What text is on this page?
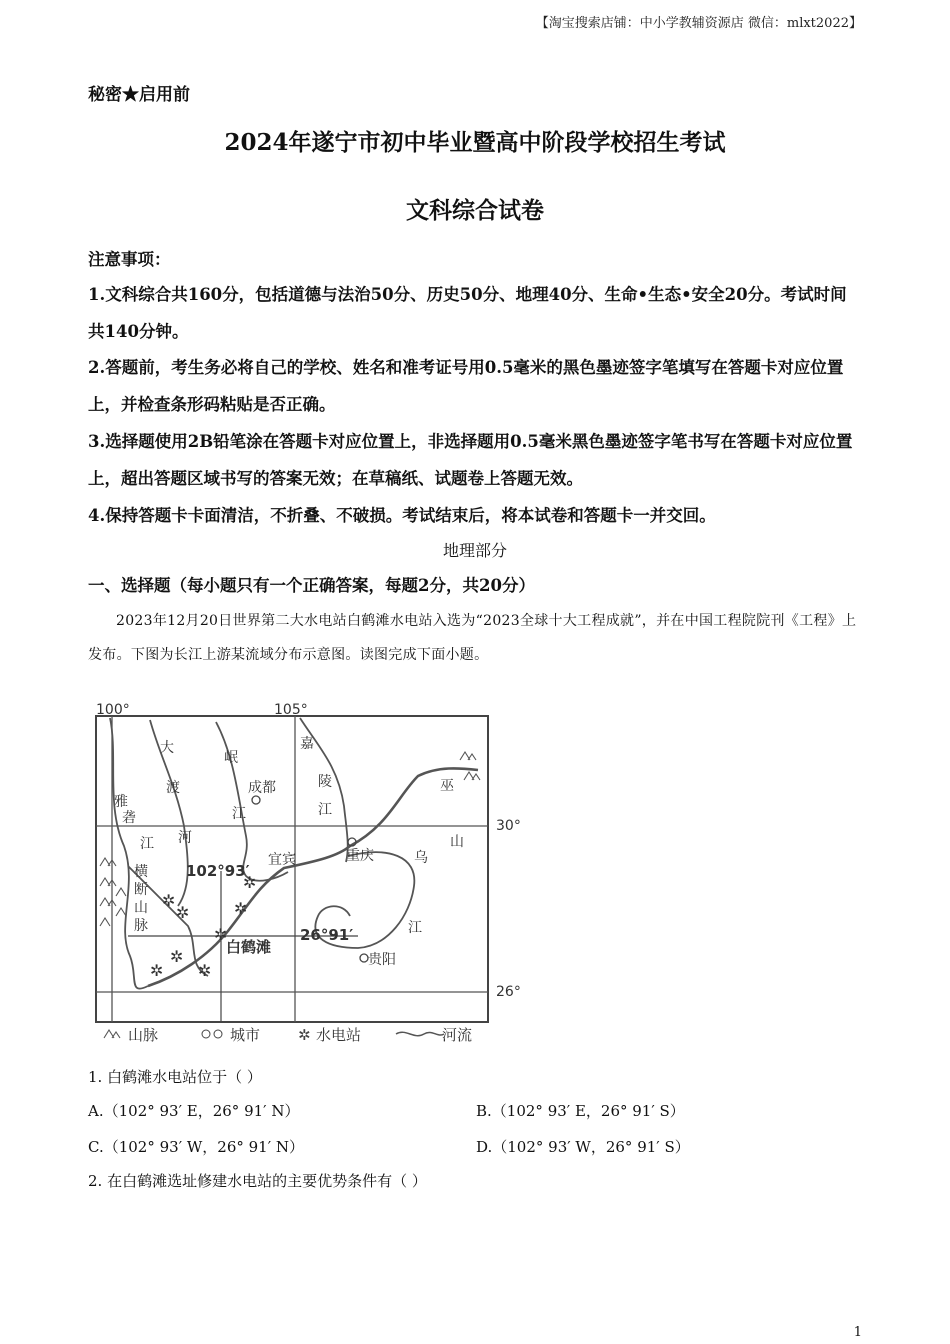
【淘宝搜索店铺：中小学教辅资源店 微信：mlxt2022】
秘密★启用前
2024年遂宁市初中毕业暨高中阶段学校招生考试
文科综合试卷
注意事项：
1.文科综合共160分，包括道德与法治50分、历史50分、地理40分、生命•生态•安全20分。考试时间共140分钟。
2.答题前，考生务必将自己的学校、姓名和准考证号用0.5毫米的黑色墨迹签字笔填写在答题卡对应位置上，并检查条形码粘贴是否正确。
3.选择题使用2B铅笔涂在答题卡对应位置上，非选择题用0.5毫米黑色墨迹签字笔书写在答题卡对应位置上，超出答题区域书写的答案无效；在草稿纸、试题卷上答题无效。
4.保持答题卡卡面清洁，不折叠、不破损。考试结束后，将本试卷和答题卡一并交回。
地理部分
一、选择题（每小题只有一个正确答案，每题2分，共20分）
2023年12月20日世界第二大水电站白鹤滩水电站入选为“2023全球十大工程成就”，并在中国工程院院刊《工程》上发布。下图为长江上游某流域分布示意图。读图完成下面小题。
100°	105°
30°
26°
雅
砻
江
大
渡
河
岷
江
嘉
陵
江
乌
江
巫
山
横
断
山
脉
成都
宜宾	重庆
贵阳
102°93′
26°91′
白鹤滩
✲
✲
✲
✲
✲
✲
✲ ✲
山脉	城市	✲ 水电站	河流
1. 白鹤滩水电站位于（ ）
A.（102° 93′ E，26° 91′ N）	B.（102° 93′ E，26° 91′ S）
C.（102° 93′ W，26° 91′ N）	D.（102° 93′ W，26° 91′ S）
2. 在白鹤滩选址修建水电站的主要优势条件有（ ）
1
